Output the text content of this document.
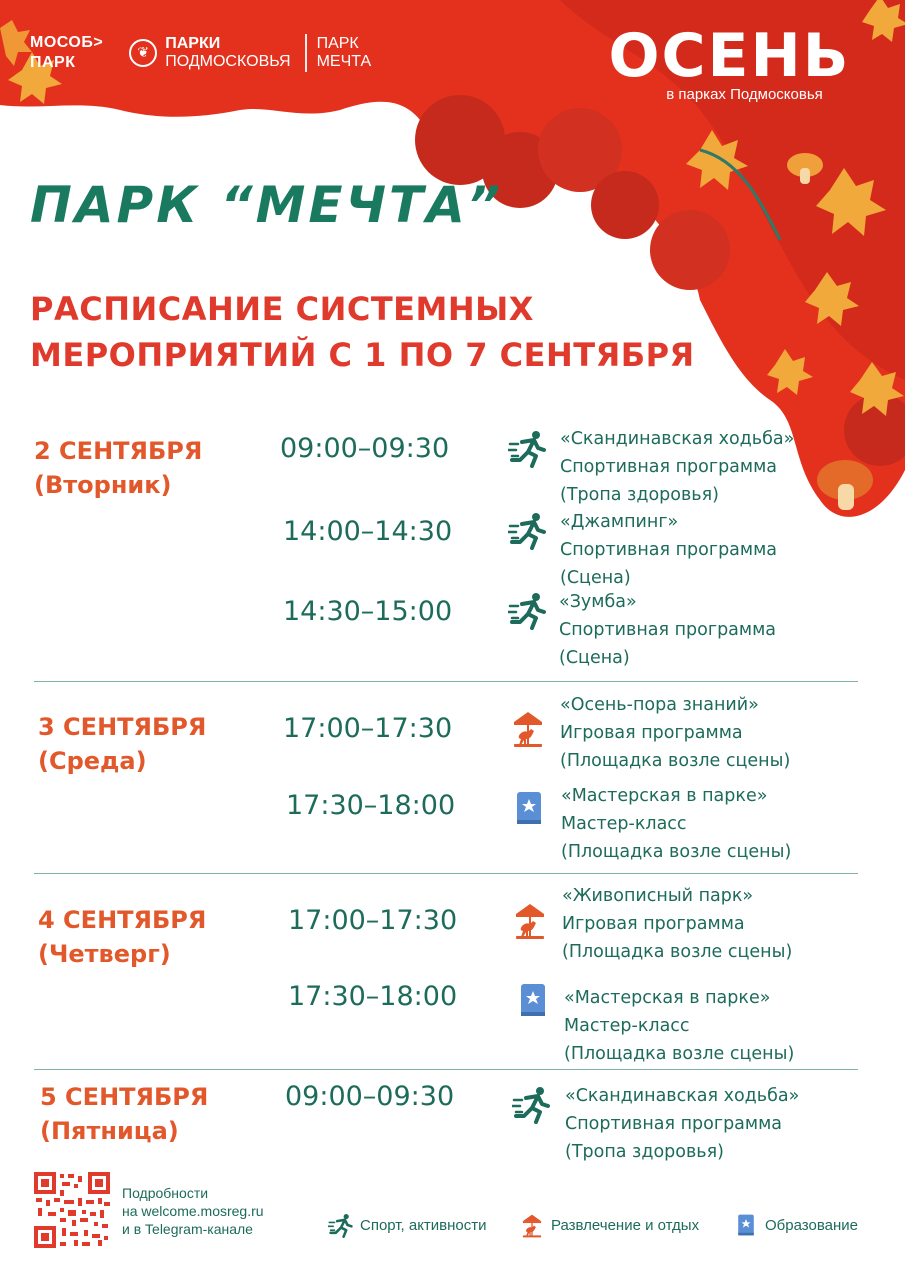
МОСОБ>
ПАРК
❦
ПАРКИ
ПОДМОСКОВЬЯ
ПАРК
МЕЧТА	ОСЕНЬ
в парках Подмосковья
ПАРК “МЕЧТА”
РАСПИСАНИЕ СИСТЕМНЫХ
МЕРОПРИЯТИЙ С 1 ПО 7 СЕНТЯБРЯ
2 СЕНТЯБРЯ
(Вторник)
09:00–09:30	«Скандинавская ходьба»
Спортивная программа
(Тропа здоровья)
14:00–14:30	«Джампинг»
Спортивная программа
(Сцена)
14:30–15:00	«Зумба»
Спортивная программа
(Сцена)
3 СЕНТЯБРЯ
(Среда)
17:00–17:30
«Осень-пора знаний»
Игровая программа
(Площадка возле сцены)
17:30–18:00	«Мастерская в парке»
Мастер-класс
(Площадка возле сцены)
4 СЕНТЯБРЯ
(Четверг)
17:00–17:30
«Живописный парк»
Игровая программа
(Площадка возле сцены)
17:30–18:00	«Мастерская в парке»
Мастер-класс
(Площадка возле сцены)
5 СЕНТЯБРЯ
(Пятница)
09:00–09:30	«Скандинавская ходьба»
Спортивная программа
(Тропа здоровья)
Подробности
на welcome.mosreg.ru
и в Telegram-канале	Спорт, активности	Развлечение и отдых	Образование
